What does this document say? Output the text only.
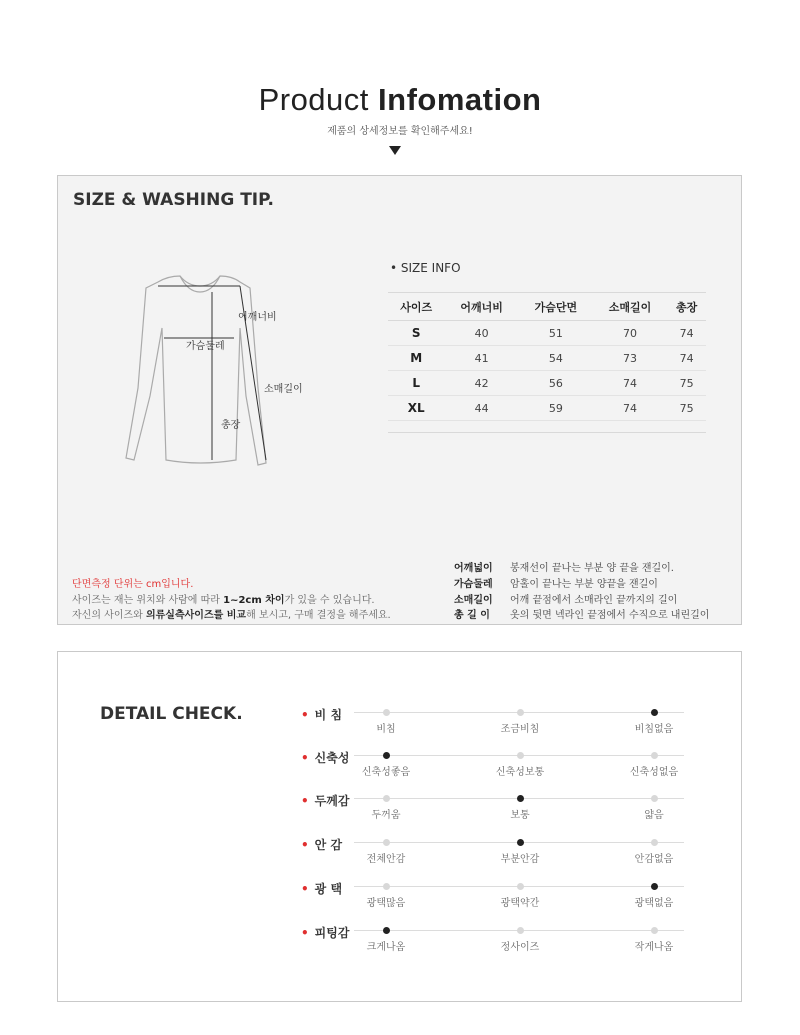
Product Infomation
제품의 상세정보를 확인해주세요!
SIZE & WASHING TIP.
어깨너비
가슴둘레
소매길이
총장
• SIZE INFO
사이즈	어깨너비	가슴단면	소매길이	총장
S	40	51	70	74
M	41	54	73	74
L	42	56	74	75
XL	44	59	74	75
단면측정 단위는 cm입니다.
사이즈는 재는 위치와 사람에 따라 1~2cm 차이가 있을 수 있습니다.
자신의 사이즈와 의류실측사이즈를 비교해 보시고, 구매 결정을 해주세요.
어깨넓이	봉재선이 끝나는 부분 양 끝을 잰길이.
가슴둘레	암홀이 끝나는 부분 양끝을 잰길이
소매길이	어깨 끝점에서 소매라인 끝까지의 길이
총 길 이	옷의 뒷면 넥라인 끝점에서 수직으로 내린길이
DETAIL CHECK.	• 비 침
비침	조금비침	비침없음
• 신축성
신축성좋음	신축성보통	신축성없음
• 두께감
두꺼움	보통	얇음
• 안 감
전체안감	부분안감	안감없음
• 광 택
광택많음	광택약간	광택없음
• 피팅감
크게나옴	정사이즈	작게나옴
